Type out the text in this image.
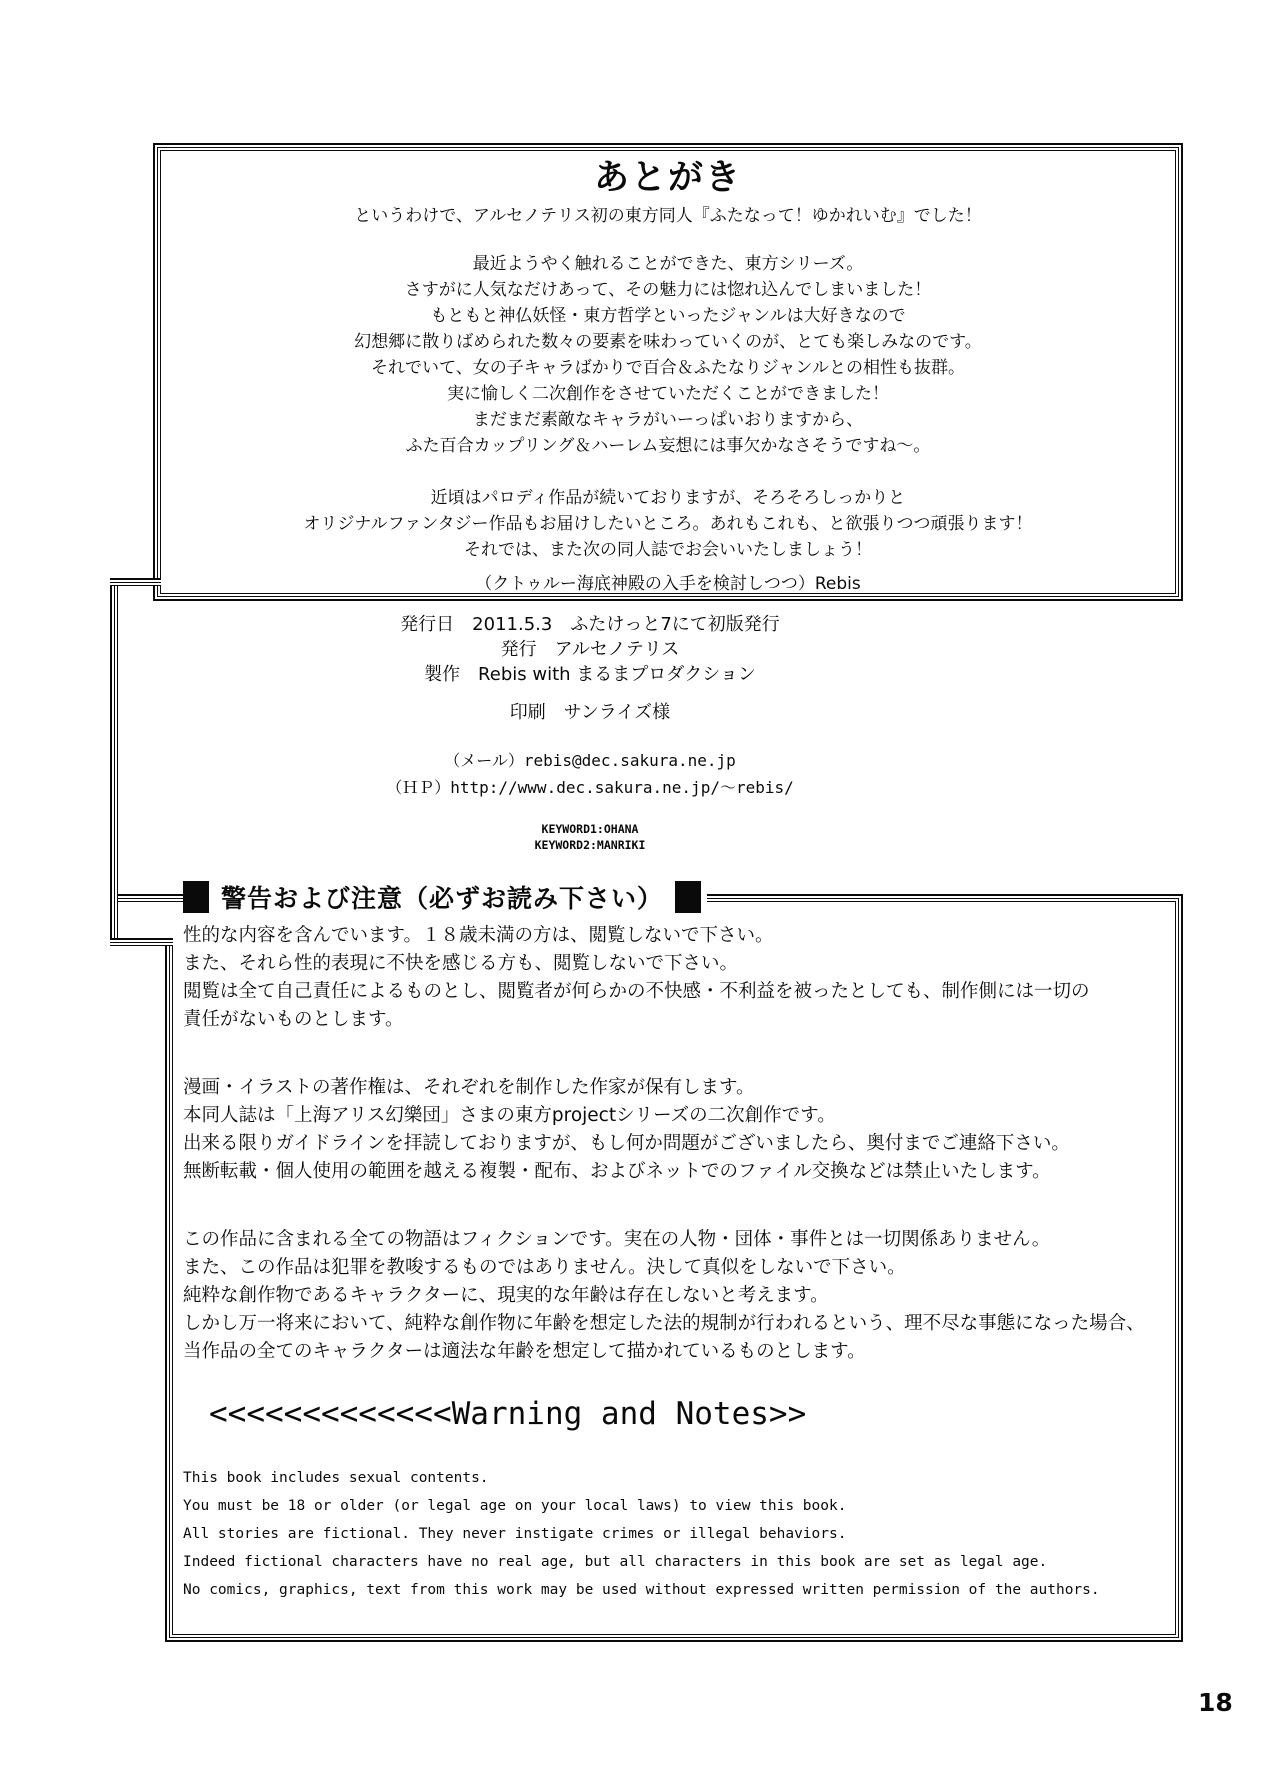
あとがき
というわけで、アルセノテリス初の東方同人『ふたなって！ゆかれいむ』でした！
最近ようやく触れることができた、東方シリーズ。
さすがに人気なだけあって、その魅力には惚れ込んでしまいました！
もともと神仏妖怪・東方哲学といったジャンルは大好きなので
幻想郷に散りばめられた数々の要素を味わっていくのが、とても楽しみなのです。
それでいて、女の子キャラばかりで百合＆ふたなりジャンルとの相性も抜群。
実に愉しく二次創作をさせていただくことができました！
まだまだ素敵なキャラがいーっぱいおりますから、
ふた百合カップリング＆ハーレム妄想には事欠かなさそうですね～。
近頃はパロディ作品が続いておりますが、そろそろしっかりと
オリジナルファンタジー作品もお届けしたいところ。あれもこれも、と欲張りつつ頑張ります！
それでは、また次の同人誌でお会いいたしましょう！
（クトゥルー海底神殿の入手を検討しつつ）Rebis
性的な内容を含んでいます。１８歳未満の方は、閲覧しないで下さい。
また、それら性的表現に不快を感じる方も、閲覧しないで下さい。
閲覧は全て自己責任によるものとし、閲覧者が何らかの不快感・不利益を被ったとしても、制作側には一切の
責任がないものとします。
漫画・イラストの著作権は、それぞれを制作した作家が保有します。
本同人誌は「上海アリス幻樂団」さまの東方projectシリーズの二次創作です。
出来る限りガイドラインを拝読しておりますが、もし何か問題がございましたら、奥付までご連絡下さい。
無断転載・個人使用の範囲を越える複製・配布、およびネットでのファイル交換などは禁止いたします。
この作品に含まれる全ての物語はフィクションです。実在の人物・団体・事件とは一切関係ありません。
また、この作品は犯罪を教唆するものではありません。決して真似をしないで下さい。
純粋な創作物であるキャラクターに、現実的な年齢は存在しないと考えます。
しかし万一将来において、純粋な創作物に年齢を想定した法的規制が行われるという、理不尽な事態になった場合、
当作品の全てのキャラクターは適法な年齢を想定して描かれているものとします。
<<<<<<<<<<<<<Warning and Notes>>
This book includes sexual contents.
You must be 18 or older (or legal age on your local laws) to view this book.
All stories are fictional. They never instigate crimes or illegal behaviors.
Indeed fictional characters have no real age, but all characters in this book are set as legal age.
No comics, graphics, text from this work may be used without expressed written permission of the authors.
発行日　2011.5.3　ふたけっと7にて初版発行
発行　アルセノテリス
製作　Rebis with まるまプロダクション
印刷　サンライズ様
（メール）rebis@dec.sakura.ne.jp
（ＨＰ）http://www.dec.sakura.ne.jp/～rebis/
KEYWORD1:OHANA
KEYWORD2:MANRIKI
警告および注意（必ずお読み下さい）
18
